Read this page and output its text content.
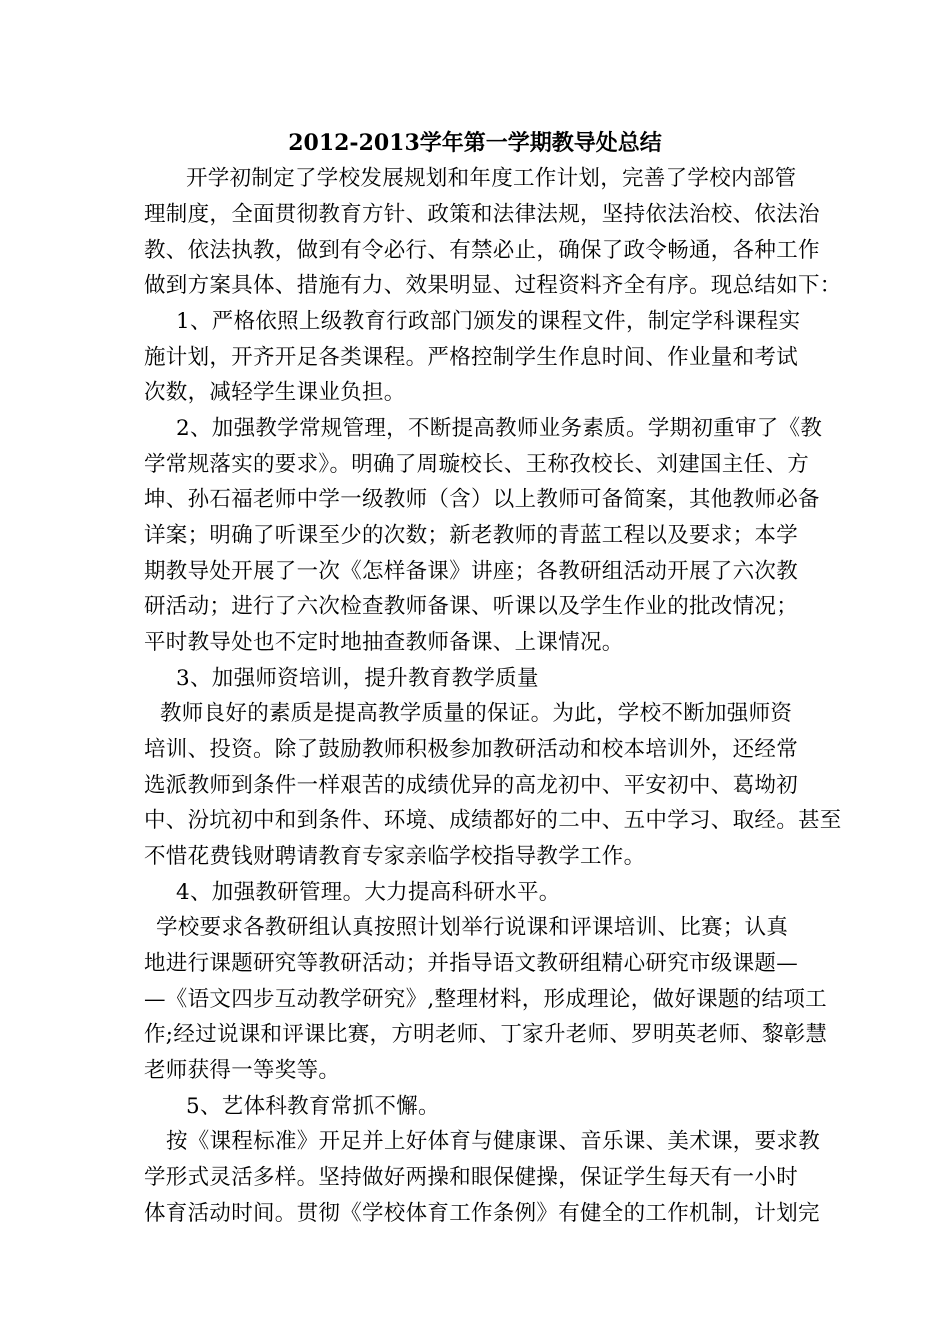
2012-2013学年第一学期教导处总结
开学初制定了学校发展规划和年度工作计划，完善了学校内部管
理制度，全面贯彻教育方针、政策和法律法规，坚持依法治校、依法治
教、依法执教，做到有令必行、有禁必止，确保了政令畅通，各种工作
做到方案具体、措施有力、效果明显、过程资料齐全有序。现总结如下：
1、严格依照上级教育行政部门颁发的课程文件，制定学科课程实
施计划，开齐开足各类课程。严格控制学生作息时间、作业量和考试
次数，减轻学生课业负担。
2、加强教学常规管理，不断提高教师业务素质。学期初重审了《教
学常规落实的要求》。明确了周璇校长、王称孜校长、刘建国主任、方
坤、孙石福老师中学一级教师（含）以上教师可备简案，其他教师必备
详案；明确了听课至少的次数；新老教师的青蓝工程以及要求；本学
期教导处开展了一次《怎样备课》讲座；各教研组活动开展了六次教
研活动；进行了六次检查教师备课、听课以及学生作业的批改情况；
平时教导处也不定时地抽查教师备课、上课情况。
3、加强师资培训，提升教育教学质量
教师良好的素质是提高教学质量的保证。为此，学校不断加强师资
培训、投资。除了鼓励教师积极参加教研活动和校本培训外，还经常
选派教师到条件一样艰苦的成绩优异的高龙初中、平安初中、葛坳初
中、汾坑初中和到条件、环境、成绩都好的二中、五中学习、取经。甚至
不惜花费钱财聘请教育专家亲临学校指导教学工作。
4、加强教研管理。大力提高科研水平。
学校要求各教研组认真按照计划举行说课和评课培训、比赛；认真
地进行课题研究等教研活动；并指导语文教研组精心研究市级课题—
—《语文四步互动教学研究》,整理材料，形成理论，做好课题的结项工
作;经过说课和评课比赛，方明老师、丁家升老师、罗明英老师、黎彰慧
老师获得一等奖等。
5、艺体科教育常抓不懈。
按《课程标准》开足并上好体育与健康课、音乐课、美术课，要求教
学形式灵活多样。坚持做好两操和眼保健操，保证学生每天有一小时
体育活动时间。贯彻《学校体育工作条例》有健全的工作机制，计划完
